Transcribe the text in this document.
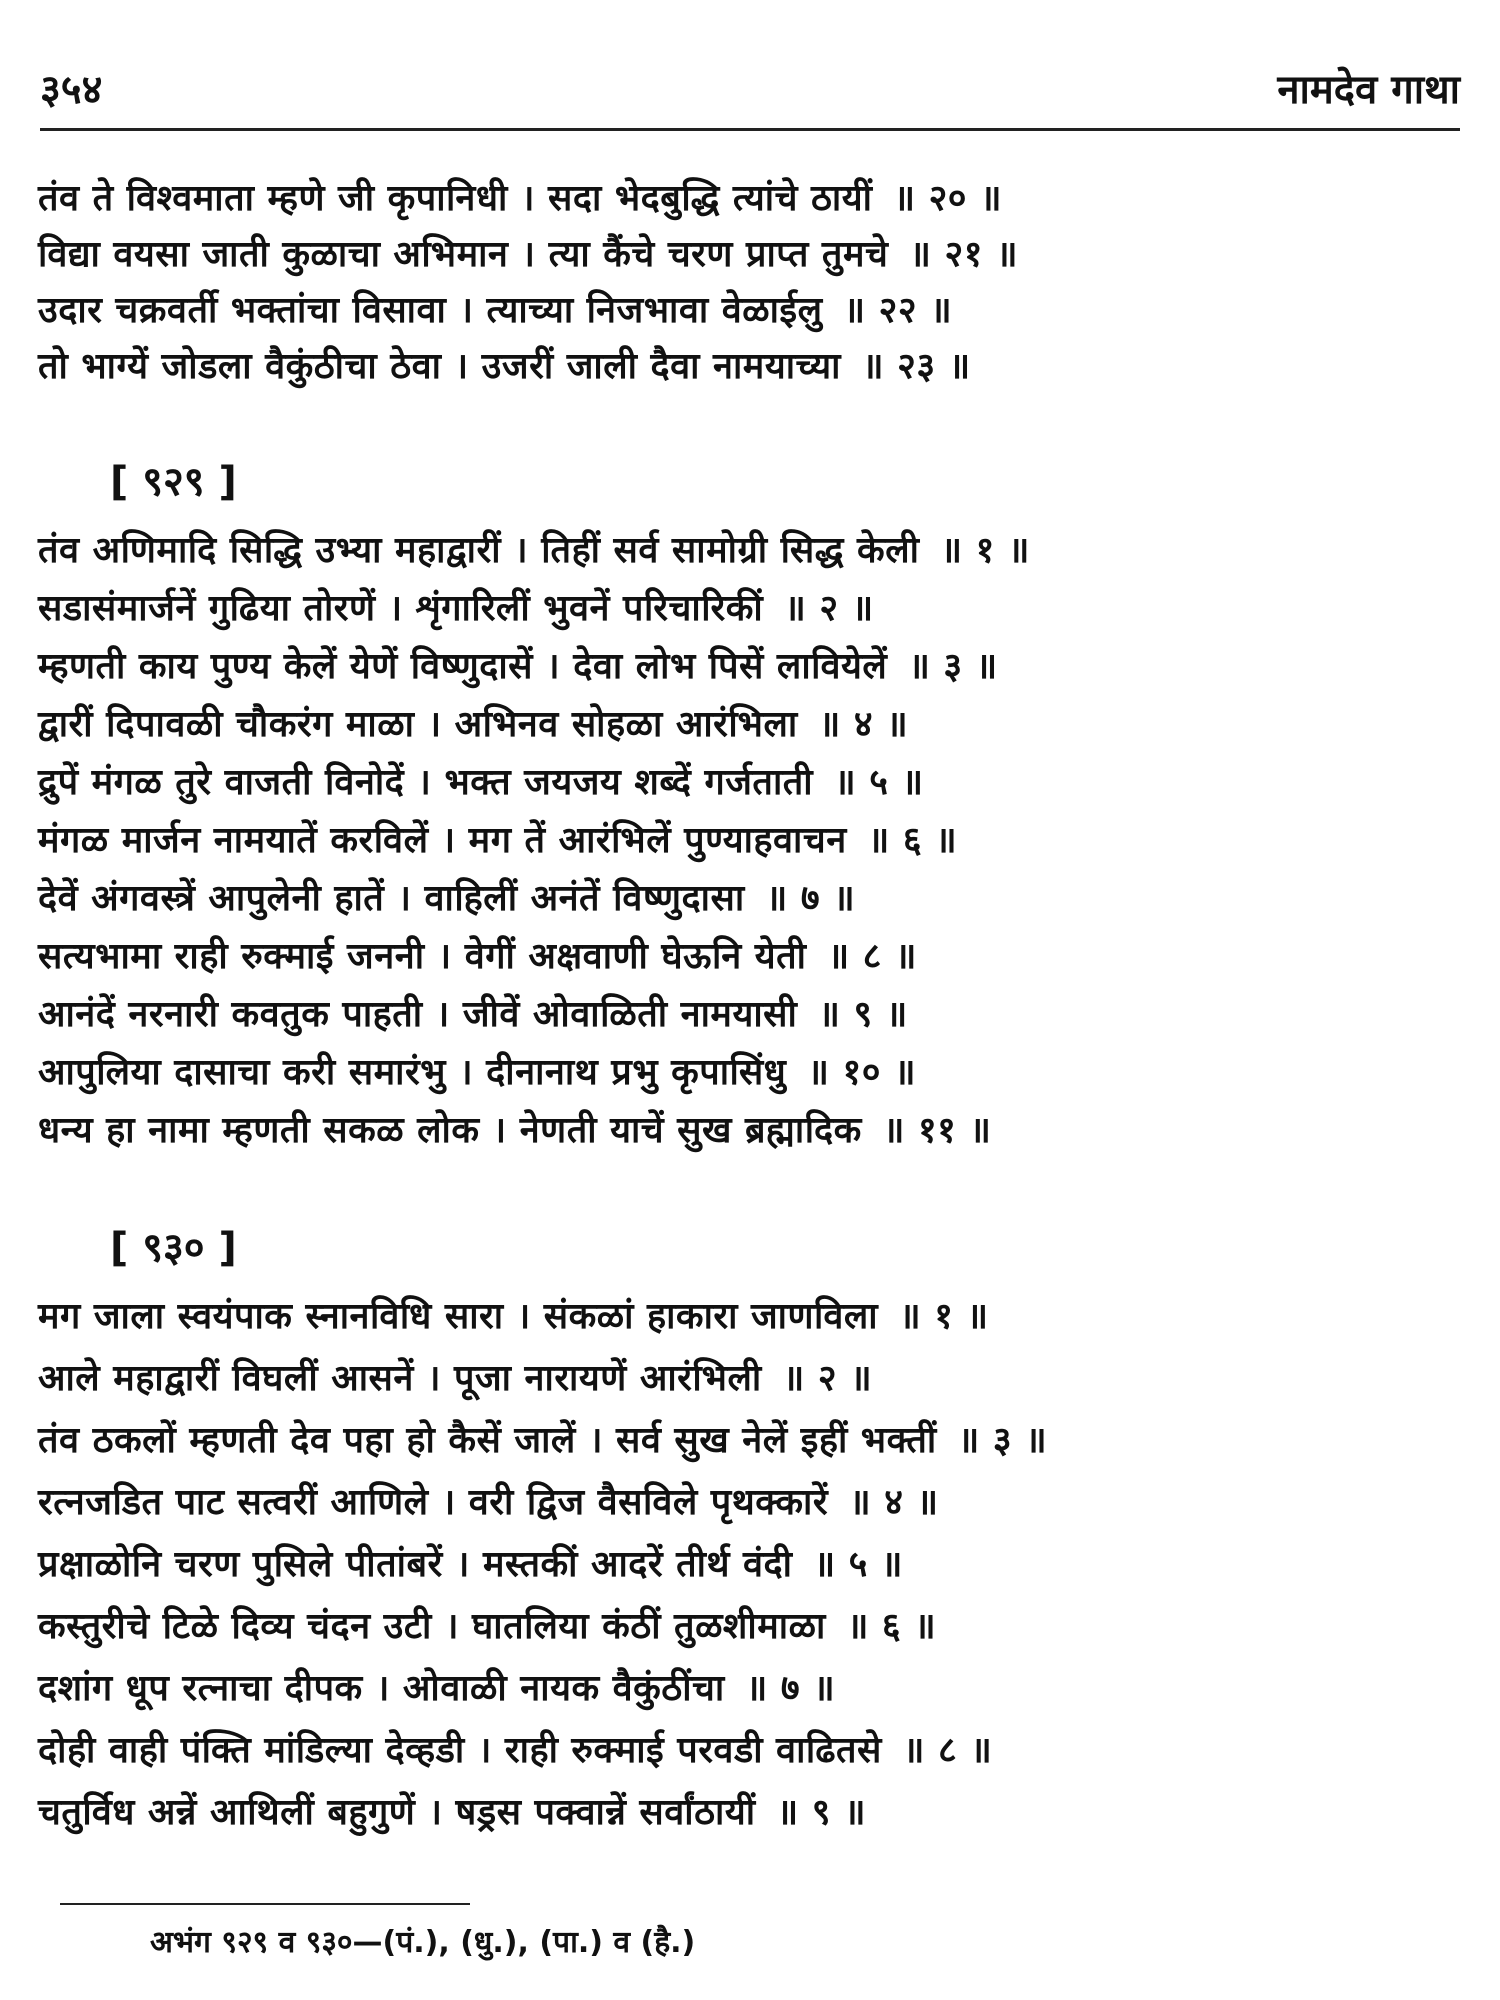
३५४	नामदेव गाथा
तंव ते विश्वमाता म्हणे जी कृपानिधी । सदा भेदबुद्धि त्यांचे ठायीं ॥ २० ॥
विद्या वयसा जाती कुळाचा अभिमान । त्या कैंचे चरण प्राप्त तुमचे ॥ २१ ॥
उदार चक्रवर्ती भक्तांचा विसावा । त्याच्या निजभावा वेळाईलु ॥ २२ ॥
तो भाग्यें जोडला वैकुंठीचा ठेवा । उजरीं जाली दैवा नामयाच्या ॥ २३ ॥
[ ९२९ ]
तंव अणिमादि सिद्धि उभ्या महाद्वारीं । तिहीं सर्व सामोग्री सिद्ध केली ॥ १ ॥
सडासंमार्जनें गुढिया तोरणें । शृंगारिलीं भुवनें परिचारिकीं ॥ २ ॥
म्हणती काय पुण्य केलें येणें विष्णुदासें । देवा लोभ पिसें लावियेलें ॥ ३ ॥
द्वारीं दिपावळी चौकरंग माळा । अभिनव सोहळा आरंभिला ॥ ४ ॥
द्रुपें मंगळ तुरे वाजती विनोदें । भक्त जयजय शब्दें गर्जताती ॥ ५ ॥
मंगळ मार्जन नामयातें करविलें । मग तें आरंभिलें पुण्याहवाचन ॥ ६ ॥
देवें अंगवस्त्रें आपुलेनी हातें । वाहिलीं अनंतें विष्णुदासा ॥ ७ ॥
सत्यभामा राही रुक्माई जननी । वेगीं अक्षवाणी घेऊनि येती ॥ ८ ॥
आनंदें नरनारी कवतुक पाहती । जीवें ओवाळिती नामयासी ॥ ९ ॥
आपुलिया दासाचा करी समारंभु । दीनानाथ प्रभु कृपासिंधु ॥ १० ॥
धन्य हा नामा म्हणती सकळ लोक । नेणती याचें सुख ब्रह्मादिक ॥ ११ ॥
[ ९३० ]
मग जाला स्वयंपाक स्नानविधि सारा । संकळां हाकारा जाणविला ॥ १ ॥
आले महाद्वारीं विघलीं आसनें । पूजा नारायणें आरंभिली ॥ २ ॥
तंव ठकलों म्हणती देव पहा हो कैसें जालें । सर्व सुख नेलें इहीं भक्तीं ॥ ३ ॥
रत्नजडित पाट सत्वरीं आणिले । वरी द्विज वैसविले पृथक्कारें ॥ ४ ॥
प्रक्षाळोनि चरण पुसिले पीतांबरें । मस्तकीं आदरें तीर्थ वंदी ॥ ५ ॥
कस्तुरीचे टिळे दिव्य चंदन उटी । घातलिया कंठीं तुळशीमाळा ॥ ६ ॥
दशांग धूप रत्नाचा दीपक । ओवाळी नायक वैकुंठींचा ॥ ७ ॥
दोही वाही पंक्ति मांडिल्या देव्हडी । राही रुक्माई परवडी वाढितसे ॥ ८ ॥
चतुर्विध अन्नें आथिलीं बहुगुणें । षड्रस पक्वान्नें सर्वांठायीं ॥ ९ ॥
अभंग ९२९ व ९३०—(पं.), (धु.), (पा.) व (है.)
